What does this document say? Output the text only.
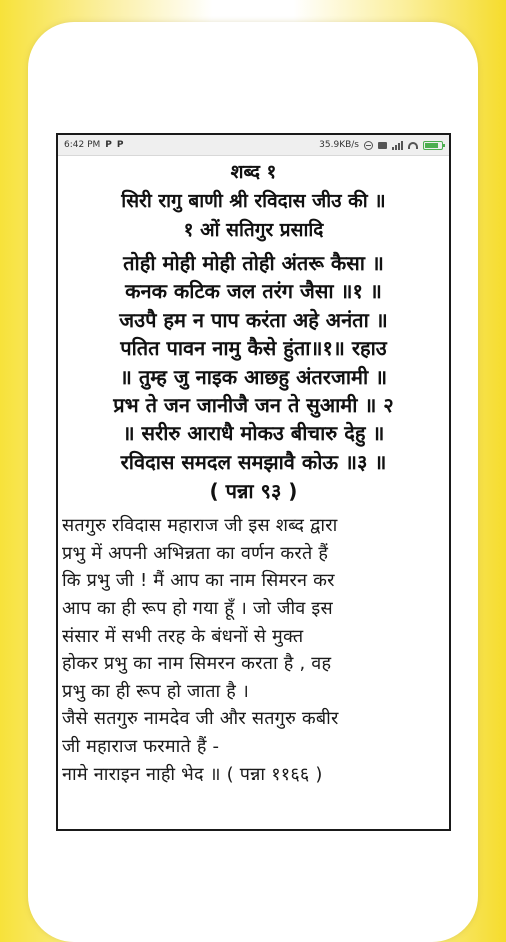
6:42 PM P P	35.9KB/s
शब्द १
सिरी रागु बाणी श्री रविदास जीउ की ॥
१ ओं सतिगुर प्रसादि
तोही मोही मोही तोही अंतरू कैसा ॥
कनक कटिक जल तरंग जैसा ॥१ ॥
जउपै हम न पाप करंता अहे अनंता ॥
पतित पावन नामु कैसे हुंता॥१॥ रहाउ
॥ तुम्ह जु नाइक आछहु अंतरजामी ॥
प्रभ ते जन जानीजै जन ते सुआमी ॥ २
॥ सरीरु आराधै मोकउ बीचारु देहु ॥
रविदास समदल समझावै कोऊ ॥३ ॥
( पन्ना ९३ )
सतगुरु रविदास महाराज जी इस शब्द द्वारा
प्रभु में अपनी अभिन्नता का वर्णन करते हैं
कि प्रभु जी ! मैं आप का नाम सिमरन कर
आप का ही रूप हो गया हूँ । जो जीव इस
संसार में सभी तरह के बंधनों से मुक्त
होकर प्रभु का नाम सिमरन करता है , वह
प्रभु का ही रूप हो जाता है ।
जैसे सतगुरु नामदेव जी और सतगुरु कबीर
जी महाराज फरमाते हैं -
नामे नाराइन नाही भेद ॥ ( पन्ना ११६६ )
